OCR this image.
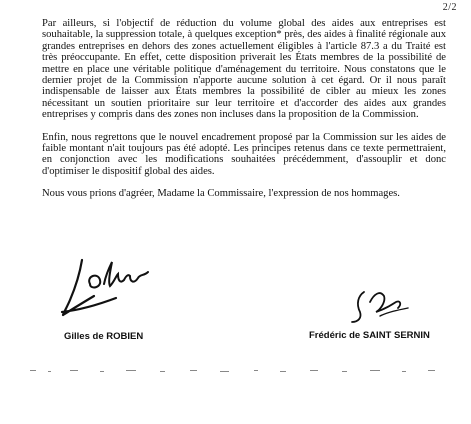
2/2

Par ailleurs, si l'objectif de réduction du volume global des aides aux entreprises est souhaitable, la suppression totale, à quelques exception* près, des aides à finalité régionale aux grandes entreprises en dehors des zones actuellement éligibles à l'article 87.3 a du Traité est très préoccupante. En effet, cette disposition priverait les États membres de la possibilité de mettre en place une véritable politique d'aménagement du territoire. Nous constatons que le dernier projet de la Commission n'apporte aucune solution à cet égard. Or il nous paraît indispensable de laisser aux États membres la possibilité de cibler au mieux les zones nécessitant un soutien prioritaire sur leur territoire et d'accorder des aides aux grandes entreprises y compris dans des zones non incluses dans la proposition de la Commission.

Enfin, nous regrettons que le nouvel encadrement proposé par la Commission sur les aides de faible montant n'ait toujours pas été adopté. Les principes retenus dans ce texte permettraient, en conjonction avec les modifications souhaitées précédemment, d'assouplir et donc d'optimiser le dispositif global des aides.

Nous vous prions d'agréer, Madame la Commissaire, l'expression de nos hommages.

Gilles de ROBIEN	Frédéric de SAINT SERNIN
